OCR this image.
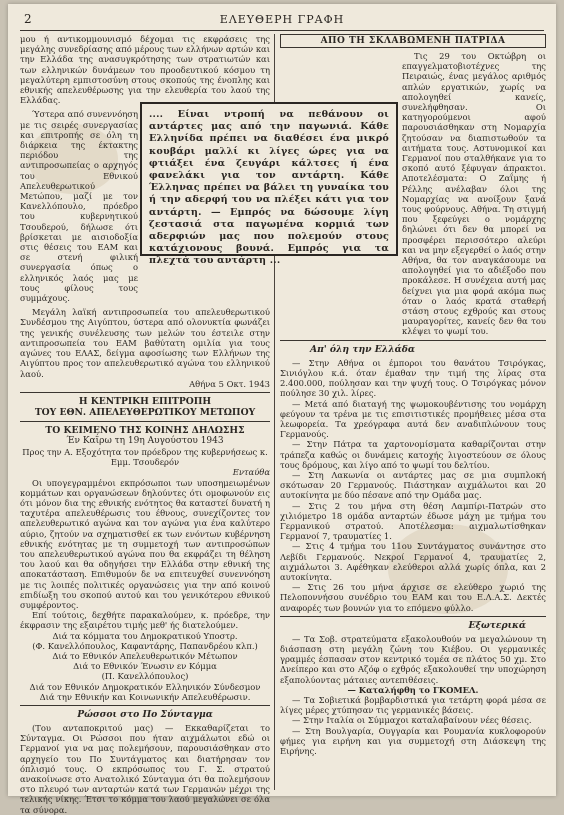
2	ΕΛΕΥΘΕΡΗ ΓΡΑΦΗ

μου ή αντικομμουνισμό δέχομαι τις εκφράσεις της μεγάλης συνεδρίασης από μέρους των ελλήνων αρτών και την Ελλάδα της ανασυγκρότησης των στρατιωτών και των ελληνικών δυνάμεων του προοδευτικού κόσμου τη μεγαλύτερη εμπιστοσύνη στους σκοπούς της ένοπλης και εθνικής απελευθέρωσης για την ελευθερία του λαού της Ελλάδας.

Ύστερα από συνεννόηση με τις σειρές συνεργασίας και επιτροπής σε όλη τη διάρκεια της έκτακτης περιόδου της αντιπροσωπείας ο αρχηγός του Εθνικού Απελευθερωτικού Μετώπου, μαζί με τον Κανελλόπουλο, πρόεδρο του κυβερνητικού Τσουδερού, δήλωσε ότι βρίσκεται με αισιοδοξία στις θέσεις του ΕΑΜ και σε στενή φιλική συνεργασία όπως ο ελληνικός λαός μας με τους φίλους τους συμμάχους.

Μεγάλη λαϊκή αντιπροσωπεία του απελευθερωτικού Συνδέσμου της Αιγύπτου, ύστερα από ολονυκτία φωνάζει της γενικής συνέλευσης των μελών του έστειλε στην αντιπροσωπεία του ΕΑΜ βαθύτατη ομιλία για τους αγώνες του ΕΛΑΣ, δείγμα αφοσίωσης των Ελλήνων της Αιγύπτου προς τον απελευθερωτικό αγώνα του ελληνικού λαού.

Αθήνα 5 Οκτ. 1943

Η ΚΕΝΤΡΙΚΗ ΕΠΙΤΡΟΠΗ
ΤΟΥ ΕΘΝ. ΑΠΕΛΕΥΘΕΡΩΤΙΚΟΥ ΜΕΤΩΠΟΥ
ΤΟ ΚΕΙΜΕΝΟ ΤΗΣ ΚΟΙΝΗΣ ΔΗΛΩΣΗΣ
Έν Καΐρω τη 19η Αυγούστου 1943

Προς την Α. Εξοχότητα τον πρόεδρον της κυβερνήσεως κ. Εμμ. Τσουδερόν

Ενταύθα

Οι υπογεγραμμένοι εκπρόσωποι των υποσημειωμένων κομμάτων και οργανώσεων δηλούντες ότι ομοφωνούν εις ότι μόνον δια της εθνικής ενότητος θα καταστεί δυνατή η ταχυτέρα απελευθέρωσις του έθνους, συνεχίζοντες τον απελευθερωτικό αγώνα και τον αγώνα για ένα καλύτερο αύριο, ζητούν να σχηματισθεί εκ των ενόντων κυβέρνηση εθνικής ενότητας με τη συμμετοχή των αντιπροσώπων του απελευθερωτικού αγώνα που θα εκφράζει τη θέληση του λαού και θα οδηγήσει την Ελλάδα στην εθνική της αποκατάσταση. Επιθυμούν δε να επιτευχθεί συνεννόηση με τις λοιπές πολιτικές οργανώσεις για την από κοινού επιδίωξη του σκοπού αυτού και του γενικότερου εθνικού συμφέροντος.

Επί τούτοις, δεχθήτε παρακαλούμεν, κ. πρόεδρε, την έκφρασιν της εξαιρέτου τιμής μεθ' ής διατελούμεν.

Διά τα κόμματα του Δημοκρατικού Υποστρ.

(Φ. Κανελλόπουλος, Καφαντάρης, Παπανδρέου κλπ.)

Διά το Εθνικόν Απελευθερωτικόν Μέτωπον

Διά το Εθνικόν Ένωσιν εν Κόμμα

(Π. Κανελλόπουλος)

Διά τον Εθνικόν Δημοκρατικόν Ελληνικόν Σύνδεσμον

Διά την Εθνικήν και Κοινωνικήν Απελευθέρωσιν.

Ρώσσοι στο Πο Σύνταγμα

(Του ανταποκριτού μας) — Εκκαθαρίζεται το Σύνταγμα. Οι Ρώσσοι που ήταν αιχμάλωτοι εδώ οι Γερμανοί για να μας πολεμήσουν, παρουσιάσθηκαν στο αρχηγείο του Πο Συντάγματος και διατήρησαν τον όπλισμό τους. Ο εκπρόσωπος του Γ. Σ. στρατού ανακοίνωσε στο Ανατολικό Σύνταγμα ότι θα πολεμήσουν στο πλευρό των ανταρτών κατά των Γερμανών μέχρι της τελικής νίκης. Έτσι το κόμμα του λαού μεγαλώνει σε όλα τα σύνορα.

ΑΠΟ ΤΗ ΣΚΛΑΒΩΜΕΝΗ ΠΑΤΡΙΔΑ

Τις 29 του Οκτώβρη οι επαγγελματοβιοτέχνες της Πειραιώς, ένας μεγάλος αριθμός απλών εργατικών, χωρίς να απολογηθεί κανείς, συνελήφθησαν. Οι κατηγορούμενοι αφού παρουσιάσθηκαν στη Νομαρχία ζητούσαν να διαπιστωθούν τα αιτήματα τους. Αστυνομικοί και Γερμανοί που σταλθήκανε για το σκοπό αυτό ξέφυγαν άπρακτοι. Αποτελέσματα: Ο Ζαΐμης ή Ρέλλης ανέλαβαν όλοι της Νομαρχίας να ανοίξουν ξανά τους φούρνους. Αθήνα. Τη στιγμή που ξεφεύγει ο νομάρχης δηλώνει ότι δεν θα μπορεί να προσφέρει περισσότερο αλεύρι και να μην εξεγερθεί ο λαός στην Αθήνα, θα τον αναγκάσουμε να απολογηθεί για το αδιέξοδο που προκάλεσε. Η συνέχεια αυτή μας δείχνει για μια φορά ακόμα πως όταν ο λαός κρατά σταθερή στάση στους εχθρούς και στους μαυραγορίτες, κανείς δεν θα του κλέψει το ψωμί του.

Απ' όλη την Ελλάδα

— Στην Αθήνα οι έμποροι του θανάτου Τσιρόγκας, Σινιόγλου κ.ά. όταν έμαθαν την τιμή της λίρας στα 2.400.000, πούλησαν και την ψυχή τους. Ο Τσιρόγκας μόνον πούλησε 30 χιλ. λίρες.

— Μετά από διαταγή της ψωμοκουβέντισης του νομάρχη φεύγουν τα τρένα με τις επισιτιστικές προμήθειες μέσα στα λεωφορεία. Τα χρεόγραφα αυτά δεν αναδιπλώνουν τους Γερμανούς.

— Στην Πάτρα τα χαρτονομίσματα καθαρίζονται στην τράπεζα καθώς οι δυνάμεις κατοχής λιγοστεύουν σε όλους τους δρόμους, και λίγο από το ψωμί του δελτίου.

— Στη Λακωνία οι αντάρτες μας σε μια συμπλοκή σκότωσαν 20 Γερμανούς. Πιάστηκαν αιχμάλωτοι και 20 αυτοκίνητα με δύο πέσανε από την Ομάδα μας.

— Στις 2 του μήνα στη θέση Λαμπίρι-Πατρών στο χιλιόμετρο 18 ομάδα ανταρτών έδωσε μάχη με τμήμα του Γερμανικού στρατού. Αποτέλεσμα: αιχμαλωτίσθηκαν Γερμανοί 7, τραυματίες 1.

— Στις 4 τμήμα του 11ου Συντάγματος συνάντησε στο Λεβίδι Γερμανούς. Νεκροί Γερμανοί 4, τραυματίες 2, αιχμάλωτοι 3. Αφέθηκαν ελεύθεροι αλλά χωρίς όπλα, και 2 αυτοκίνητα.

— Στις 26 του μήνα άρχισε σε ελεύθερο χωριό της Πελοποννήσου συνέδριο του ΕΑΜ και του Ε.Λ.Α.Σ. Δεκτές αναφορές των βουνών για το επόμενο φύλλο.

Εξωτερικά

— Τα Σοβ. στρατεύματα εξακολουθούν να μεγαλώνουν τη διάσπαση στη μεγάλη ζώνη του Κιέβου. Οι γερμανικές γραμμές έσπασαν στον κεντρικό τομέα σε πλάτος 50 χμ. Στο Δνείπερο και στο Αζόφ ο εχθρός εξακολουθεί την υποχώρηση εξαπολύοντας μάταιες αντεπιθέσεις.

— Καταλήφθη το ΓΚΟΜΕΛ.

— Τα Σοβιετικά βομβαρδιστικά για τετάρτη φορά μέσα σε λίγες μέρες χτύπησαν τις γερμανικές βάσεις.

— Στην Ιταλία οι Σύμμαχοι καταλαβαίνουν νέες θέσεις.

— Στη Βουλγαρία, Ουγγαρία και Ρουμανία κυκλοφορούν φήμες για ειρήνη και για συμμετοχή στη Διάσκεψη της Ειρήνης.

.... Είναι ντροπή να πεθάνουν οι αντάρτες μας από την παγωνιά. Κάθε Ελληνίδα πρέπει να διαθέσει ένα μικρό κουβάρι μαλλί κι λίγες ώρες για να φτιάξει ένα ζευγάρι κάλτσες ή ένα φανελάκι για τον αντάρτη. Κάθε Έλληνας πρέπει να βάλει τη γυναίκα του ή την αδερφή του να πλέξει κάτι για τον αντάρτη. — Εμπρός να δώσουμε λίγη ζεστασιά στα παγωμένα κορμιά των αδερφιών μας που πολεμούν στους κατάχιονους βουνά. Εμπρός για τα πλεχτά του αντάρτη ...
